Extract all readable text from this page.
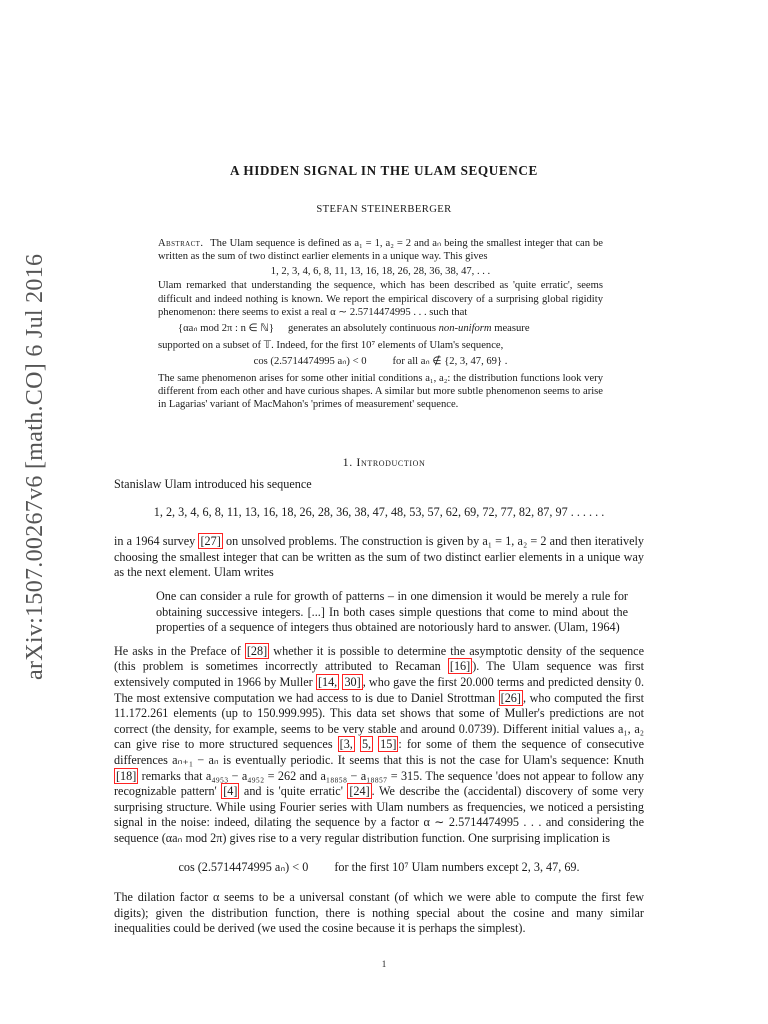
arXiv:1507.00267v6 [math.CO] 6 Jul 2016
A HIDDEN SIGNAL IN THE ULAM SEQUENCE
STEFAN STEINERBERGER

Abstract. The Ulam sequence is defined as a₁ = 1, a₂ = 2 and aₙ being the smallest integer that can be written as the sum of two distinct earlier elements in a unique way. This gives

1, 2, 3, 4, 6, 8, 11, 13, 16, 18, 26, 28, 36, 38, 47, . . .

Ulam remarked that understanding the sequence, which has been described as 'quite erratic', seems difficult and indeed nothing is known. We report the empirical discovery of a surprising global rigidity phenomenon: there seems to exist a real α ∼ 2.5714474995 . . . such that

{αaₙ mod 2π : n ∈ ℕ} generates an absolutely continuous non-uniform measure

supported on a subset of 𝕋. Indeed, for the first 10⁷ elements of Ulam's sequence,

cos (2.5714474995 aₙ) < 0 for all aₙ ∉ {2, 3, 47, 69} .

The same phenomenon arises for some other initial conditions a₁, a₂: the distribution functions look very different from each other and have curious shapes. A similar but more subtle phenomenon seems to arise in Lagarias' variant of MacMahon's 'primes of measurement' sequence.

1. Introduction

Stanislaw Ulam introduced his sequence

1, 2, 3, 4, 6, 8, 11, 13, 16, 18, 26, 28, 36, 38, 47, 48, 53, 57, 62, 69, 72, 77, 82, 87, 97 . . . . . .

in a 1964 survey [27] on unsolved problems. The construction is given by a₁ = 1, a₂ = 2 and then iteratively choosing the smallest integer that can be written as the sum of two distinct earlier elements in a unique way as the next element. Ulam writes

One can consider a rule for growth of patterns – in one dimension it would be merely a rule for obtaining successive integers. [...] In both cases simple questions that come to mind about the properties of a sequence of integers thus obtained are notoriously hard to answer. (Ulam, 1964)

He asks in the Preface of [28] whether it is possible to determine the asymptotic density of the sequence (this problem is sometimes incorrectly attributed to Recaman [16] ). The Ulam sequence was first extensively computed in 1966 by Muller [14, 30] , who gave the first 20.000 terms and predicted density 0. The most extensive computation we had access to is due to Daniel Strottman [26] , who computed the first 11.172.261 elements (up to 150.999.995). This data set shows that some of Muller's predictions are not correct (the density, for example, seems to be very stable and around 0.0739). Different initial values a₁, a₂ can give rise to more structured sequences [3, 5, 15] : for some of them the sequence of consecutive differences aₙ₊₁ − aₙ is eventually periodic. It seems that this is not the case for Ulam's sequence: Knuth [18] remarks that a₄₉₅₃ − a₄₉₅₂ = 262 and a₁₈₈₅₈ − a₁₈₈₅₇ = 315. The sequence 'does not appear to follow any recognizable pattern' [4] and is 'quite erratic' [24] . We describe the (accidental) discovery of some very surprising structure. While using Fourier series with Ulam numbers as frequencies, we noticed a persisting signal in the noise: indeed, dilating the sequence by a factor α ∼ 2.5714474995 . . . and considering the sequence (αaₙ mod 2π) gives rise to a very regular distribution function. One surprising implication is

cos (2.5714474995 aₙ) < 0 for the first 10⁷ Ulam numbers except 2, 3, 47, 69.

The dilation factor α seems to be a universal constant (of which we were able to compute the first few digits); given the distribution function, there is nothing special about the cosine and many similar inequalities could be derived (we used the cosine because it is perhaps the simplest).

1
